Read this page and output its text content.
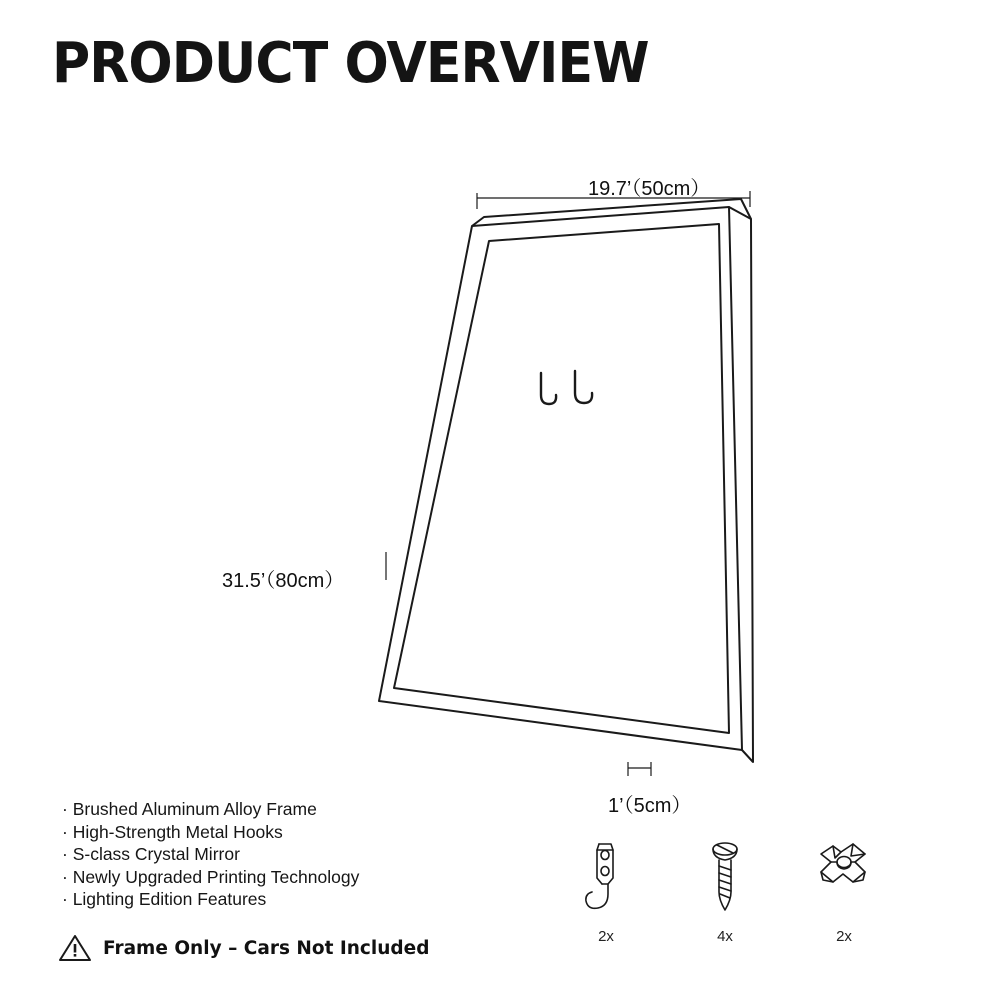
PRODUCT OVERVIEW
19.7’（50cm）
31.5’（80cm）
1’（5cm）
· Brushed Aluminum Alloy Frame
· High-Strength Metal Hooks
· S-class Crystal Mirror
· Newly Upgraded Printing Technology
· Lighting Edition Features
Frame Only – Cars Not Included
2x	4x	2x
